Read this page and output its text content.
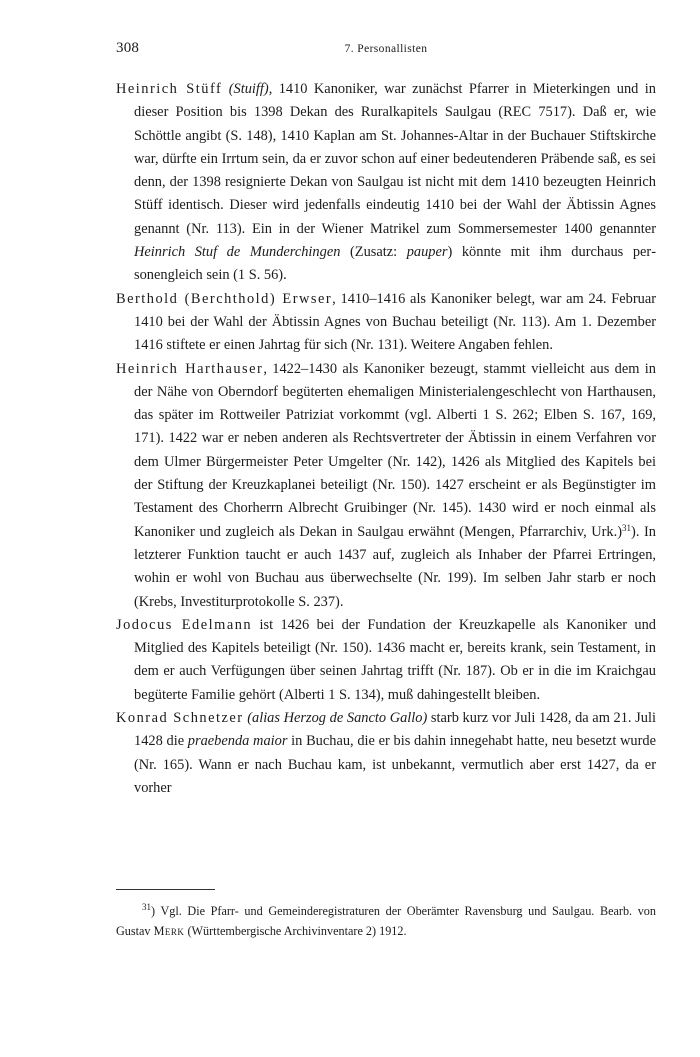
308	7. Personallisten

Heinrich Stüff (Stuiff), 1410 Kanoniker, war zunächst Pfarrer in Mieterkingen und in dieser Position bis 1398 Dekan des Ruralkapitels Saulgau (REC 7517). Daß er, wie Schöttle angibt (S. 148), 1410 Kaplan am St. Johannes-Altar in der Buchauer Stiftskirche war, dürfte ein Irrtum sein, da er zuvor schon auf einer bedeutenderen Präbende saß, es sei denn, der 1398 resignierte Dekan von Saulgau ist nicht mit dem 1410 bezeugten Heinrich Stüff identisch. Dieser wird jedenfalls eindeutig 1410 bei der Wahl der Äbtissin Agnes genannt (Nr. 113). Ein in der Wiener Matrikel zum Sommersemester 1400 genannter Heinrich Stuf de Munderchingen (Zusatz: pauper) könnte mit ihm durchaus personengleich sein (1 S. 56).

Berthold (Berchthold) Erwser, 1410–1416 als Kanoniker belegt, war am 24. Februar 1410 bei der Wahl der Äbtissin Agnes von Buchau beteiligt (Nr. 113). Am 1. Dezember 1416 stiftete er einen Jahrtag für sich (Nr. 131). Weitere Angaben fehlen.

Heinrich Harthauser, 1422–1430 als Kanoniker bezeugt, stammt vielleicht aus dem in der Nähe von Oberndorf begüterten ehemaligen Ministerialengeschlecht von Harthausen, das später im Rottweiler Patriziat vorkommt (vgl. Alberti 1 S. 262; Elben S. 167, 169, 171). 1422 war er neben anderen als Rechtsvertreter der Äbtissin in einem Verfahren vor dem Ulmer Bürgermeister Peter Umgelter (Nr. 142), 1426 als Mitglied des Kapitels bei der Stiftung der Kreuzkaplanei beteiligt (Nr. 150). 1427 erscheint er als Begünstigter im Testament des Chorherrn Albrecht Gruibinger (Nr. 145). 1430 wird er noch einmal als Kanoniker und zugleich als Dekan in Saulgau erwähnt (Mengen, Pfarrarchiv, Urk.)$^{31}$). In letzterer Funktion taucht er auch 1437 auf, zugleich als Inhaber der Pfarrei Ertringen, wohin er wohl von Buchau aus überwechselte (Nr. 199). Im selben Jahr starb er noch (Krebs, Investiturprotokolle S. 237).

Jodocus Edelmann ist 1426 bei der Fundation der Kreuzkapelle als Kanoniker und Mitglied des Kapitels beteiligt (Nr. 150). 1436 macht er, bereits krank, sein Testament, in dem er auch Verfügungen über seinen Jahrtag trifft (Nr. 187). Ob er in die im Kraichgau begüterte Familie gehört (Alberti 1 S. 134), muß dahingestellt bleiben.

Konrad Schnetzer (alias Herzog de Sancto Gallo) starb kurz vor Juli 1428, da am 21. Juli 1428 die praebenda maior in Buchau, die er bis dahin innegehabt hatte, neu besetzt wurde (Nr. 165). Wann er nach Buchau kam, ist unbekannt, vermutlich aber erst 1427, da er vorher

$^{31}$) Vgl. Die Pfarr- und Gemeinderegistraturen der Oberämter Ravensburg und Saulgau. Bearb. von Gustav Merk (Württembergische Archivinventare 2) 1912.
